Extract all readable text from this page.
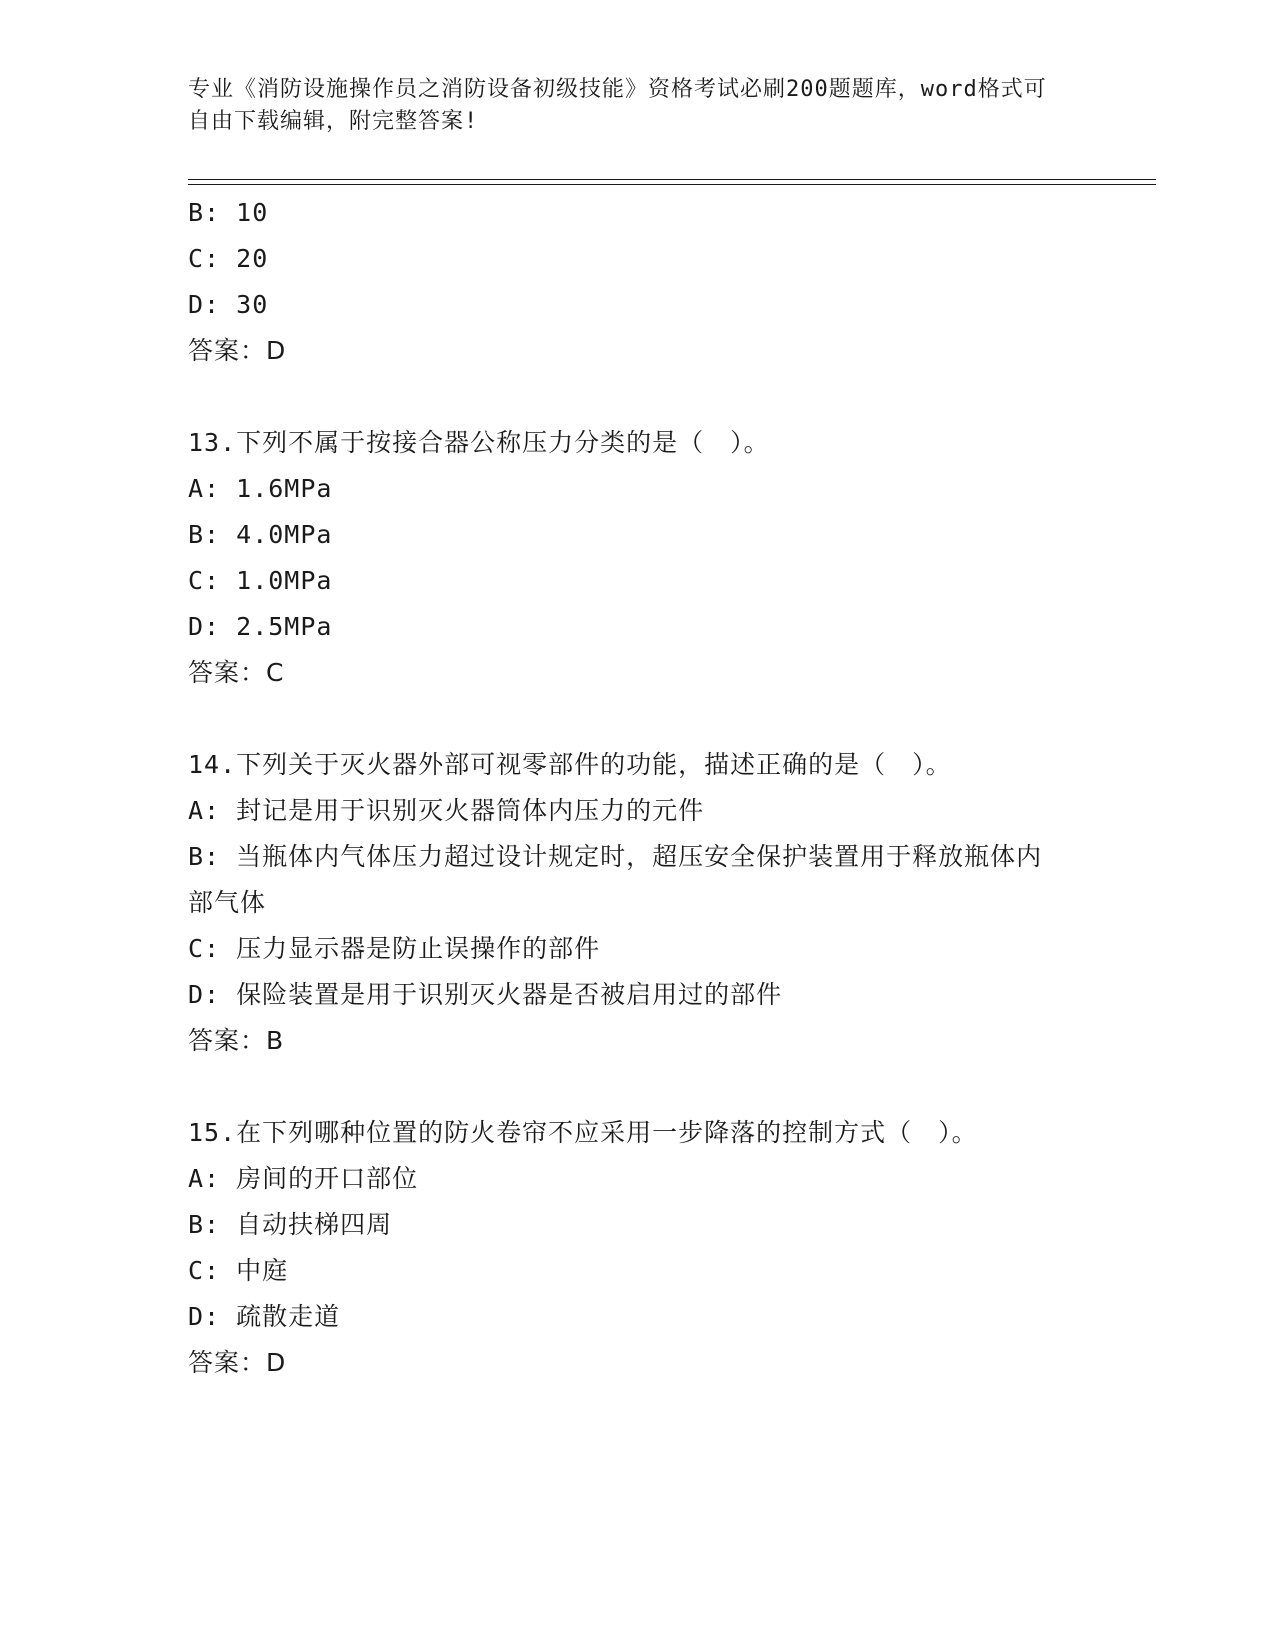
专业《消防设施操作员之消防设备初级技能》资格考试必刷200题题库，word格式可自由下载编辑，附完整答案!
B: 10
C: 20
D: 30
答案：D
13.下列不属于按接合器公称压力分类的是（　）。
A: 1.6MPa
B: 4.0MPa
C: 1.0MPa
D: 2.5MPa
答案：C
14.下列关于灭火器外部可视零部件的功能，描述正确的是（　）。
A: 封记是用于识别灭火器筒体内压力的元件
B: 当瓶体内气体压力超过设计规定时，超压安全保护装置用于释放瓶体内部气体
C: 压力显示器是防止误操作的部件
D: 保险装置是用于识别灭火器是否被启用过的部件
答案：B
15.在下列哪种位置的防火卷帘不应采用一步降落的控制方式（　）。
A: 房间的开口部位
B: 自动扶梯四周
C: 中庭
D: 疏散走道
答案：D
